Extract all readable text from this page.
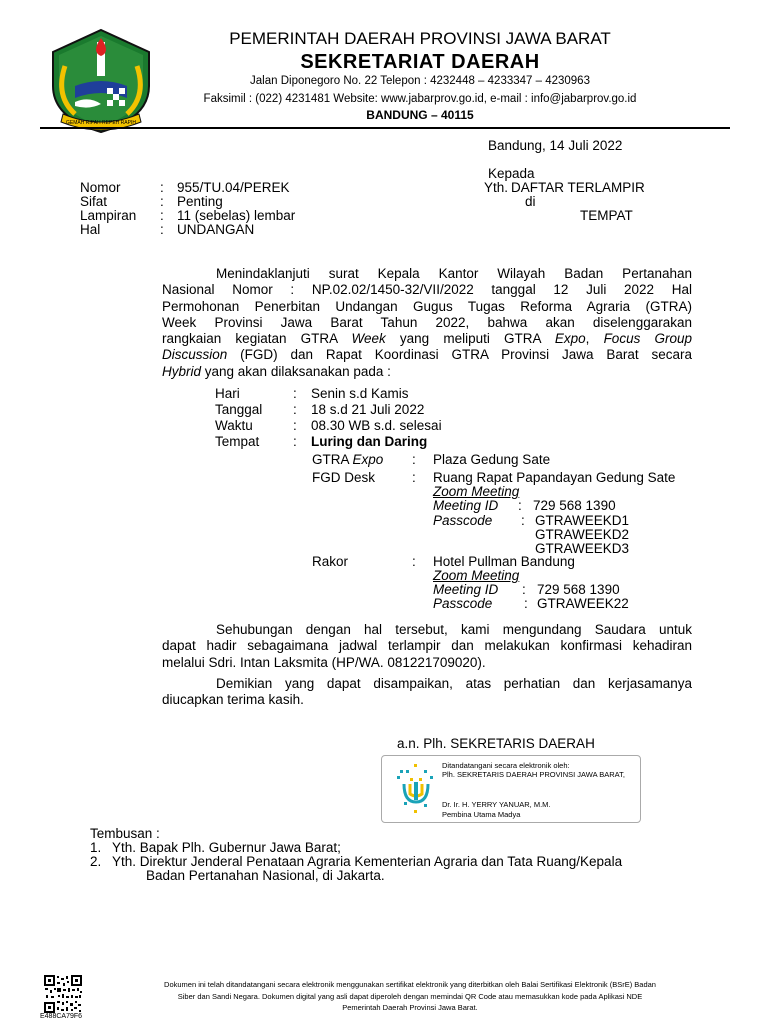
GEMAH RIPAH REPEH RAPIH
PEMERINTAH DAERAH PROVINSI JAWA BARAT
SEKRETARIAT DAERAH
Jalan Diponegoro No. 22 Telepon : 4232448 – 4233347 – 4230963
Faksimil : (022) 4231481 Website: www.jabarprov.go.id, e-mail : info@jabarprov.go.id
BANDUNG – 40115
Bandung, 14 Juli 2022
Kepada
Yth. DAFTAR TERLAMPIR
di
TEMPAT
Nomor	: 955/TU.04/PEREK
Sifat	: Penting
Lampiran : 11 (sebelas) lembar
Hal	: UNDANGAN
Menindaklanjuti surat Kepala Kantor Wilayah Badan Pertanahan
Nasional Nomor : NP.02.02/1450-32/VII/2022 tanggal 12 Juli 2022 Hal
Permohonan Penerbitan Undangan Gugus Tugas Reforma Agraria (GTRA)
Week Provinsi Jawa Barat Tahun 2022, bahwa akan diselenggarakan
rangkaian kegiatan GTRA Week yang meliputi GTRA Expo, Focus Group
Discussion (FGD) dan Rapat Koordinasi GTRA Provinsi Jawa Barat secara
Hybrid yang akan dilaksanakan pada :
Hari	: Senin s.d Kamis
Tanggal : 18 s.d 21 Juli 2022
Waktu	: 08.30 WB s.d. selesai
Tempat : Luring dan Daring
GTRA Expo : Plaza Gedung Sate
FGD Desk	: Ruang Rapat Papandayan Gedung Sate
Zoom Meeting
Meeting ID : 729 568 1390
Passcode : GTRAWEEKD1
GTRAWEEKD2
GTRAWEEKD3
Rakor	: Hotel Pullman Bandung
Zoom Meeting
Meeting ID : 729 568 1390
Passcode : GTRAWEEK22
Sehubungan dengan hal tersebut, kami mengundang Saudara untuk
dapat hadir sebagaimana jadwal terlampir dan melakukan konfirmasi kehadiran
melalui Sdri. Intan Laksmita (HP/WA. 081221709020).
Demikian yang dapat disampaikan, atas perhatian dan kerjasamanya
diucapkan terima kasih.
a.n. Plh. SEKRETARIS DAERAH
Ditandatangani secara elektronik oleh:
Plh. SEKRETARIS DAERAH PROVINSI JAWA BARAT,
Dr. Ir. H. YERRY YANUAR, M.M.
Pembina Utama Madya
Tembusan :
1. Yth. Bapak Plh. Gubernur Jawa Barat;
2. Yth. Direktur Jenderal Penataan Agraria Kementerian Agraria dan Tata Ruang/Kepala
Badan Pertanahan Nasional, di Jakarta.
E488CA79F6
Dokumen ini telah ditandatangani secara elektronik menggunakan sertifikat elektronik yang diterbitkan oleh Balai Sertifikasi Elektronik (BSrE) Badan
Siber dan Sandi Negara. Dokumen digital yang asli dapat diperoleh dengan memindai QR Code atau memasukkan kode pada Aplikasi NDE
Pemerintah Daerah Provinsi Jawa Barat.
